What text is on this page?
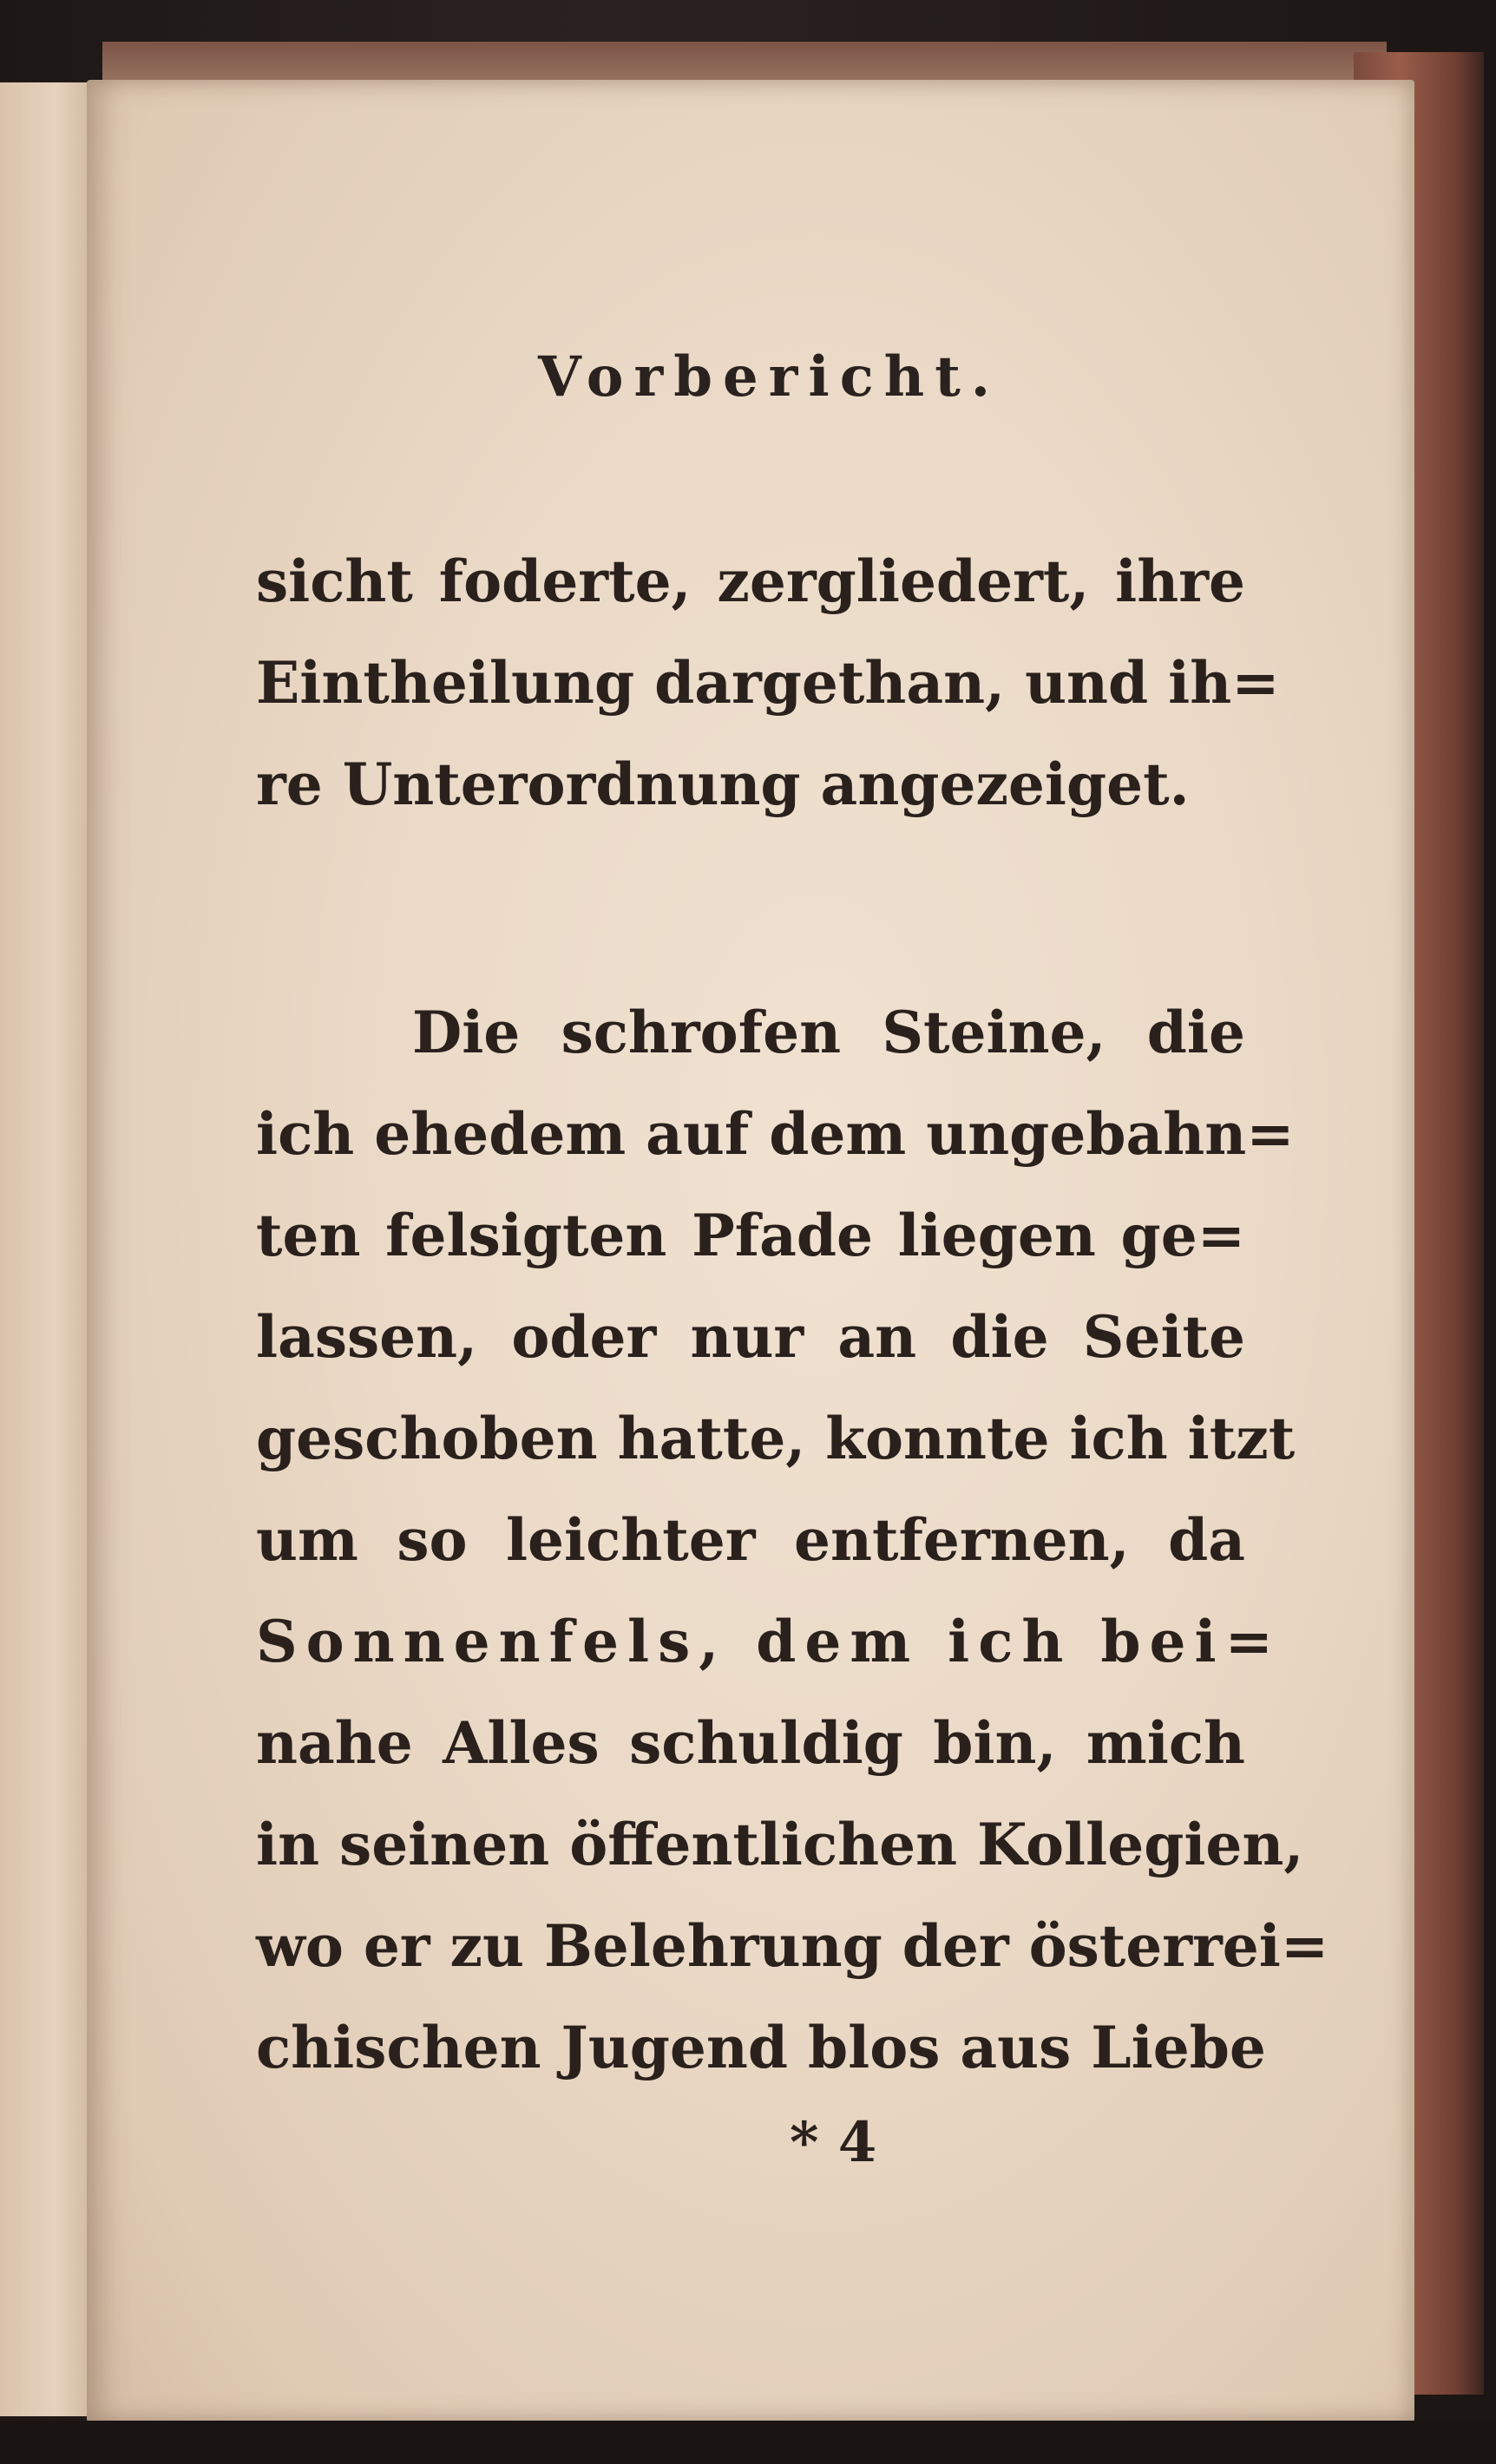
Vorbericht.
sicht foderte, zergliedert, ihre
Eintheilung dargethan, und ih=
re Unterordnung angezeiget.
Die schrofen Steine, die
ich ehedem auf dem ungebahn=
ten felsigten Pfade liegen ge=
lassen, oder nur an die Seite
geschoben hatte, konnte ich itzt
um so leichter entfernen, da
Sonnenfels, dem ich bei=
nahe Alles schuldig bin, mich
in seinen öffentlichen Kollegien,
wo er zu Belehrung der österrei=
chischen Jugend blos aus Liebe
* 4
